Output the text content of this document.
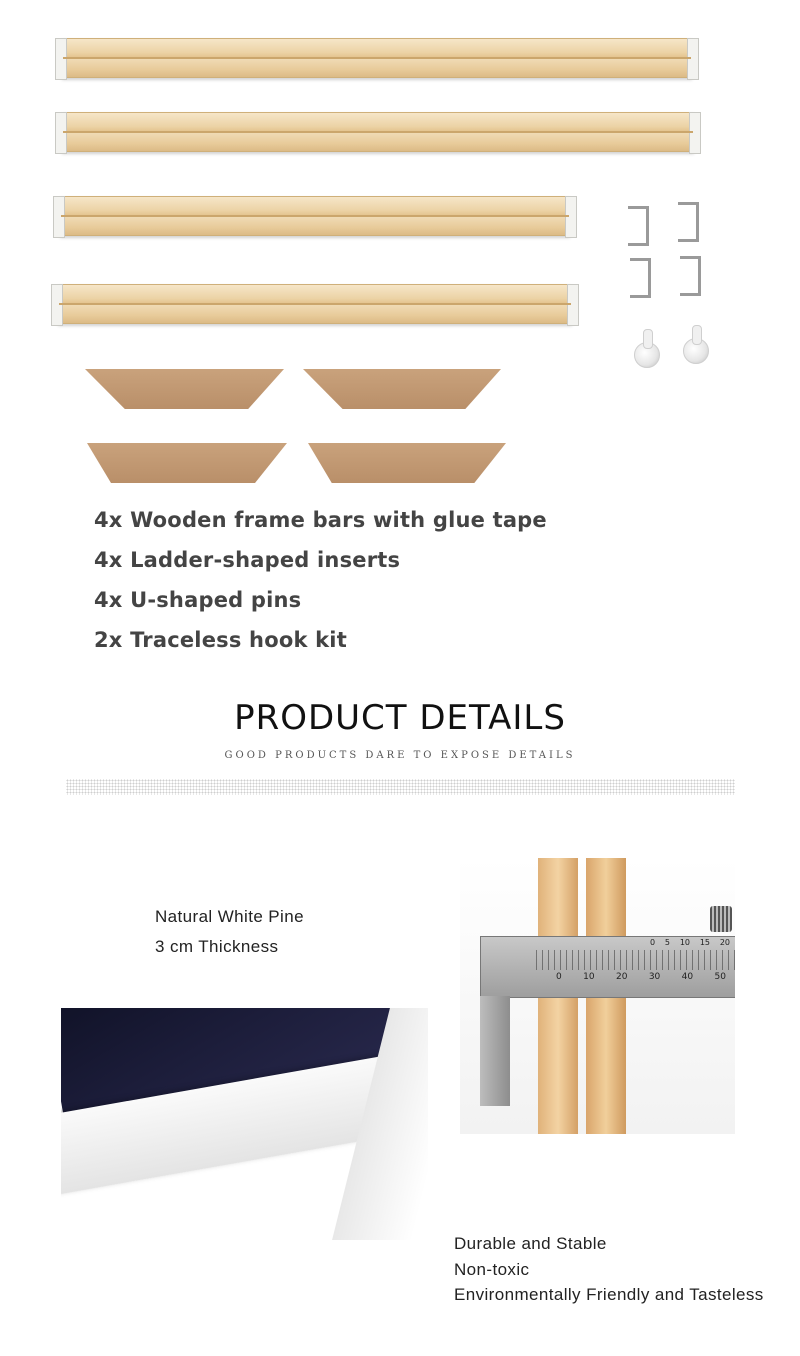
4x Wooden frame bars with glue tape
4x Ladder-shaped inserts
4x U-shaped pins
2x Traceless hook kit
PRODUCT DETAILS
GOOD PRODUCTS DARE TO EXPOSE DETAILS
Natural White Pine
3 cm Thickness	0 5 10 15 20
0 10 20 30 40 50
Durable and Stable
Non-toxic
Environmentally Friendly and Tasteless
